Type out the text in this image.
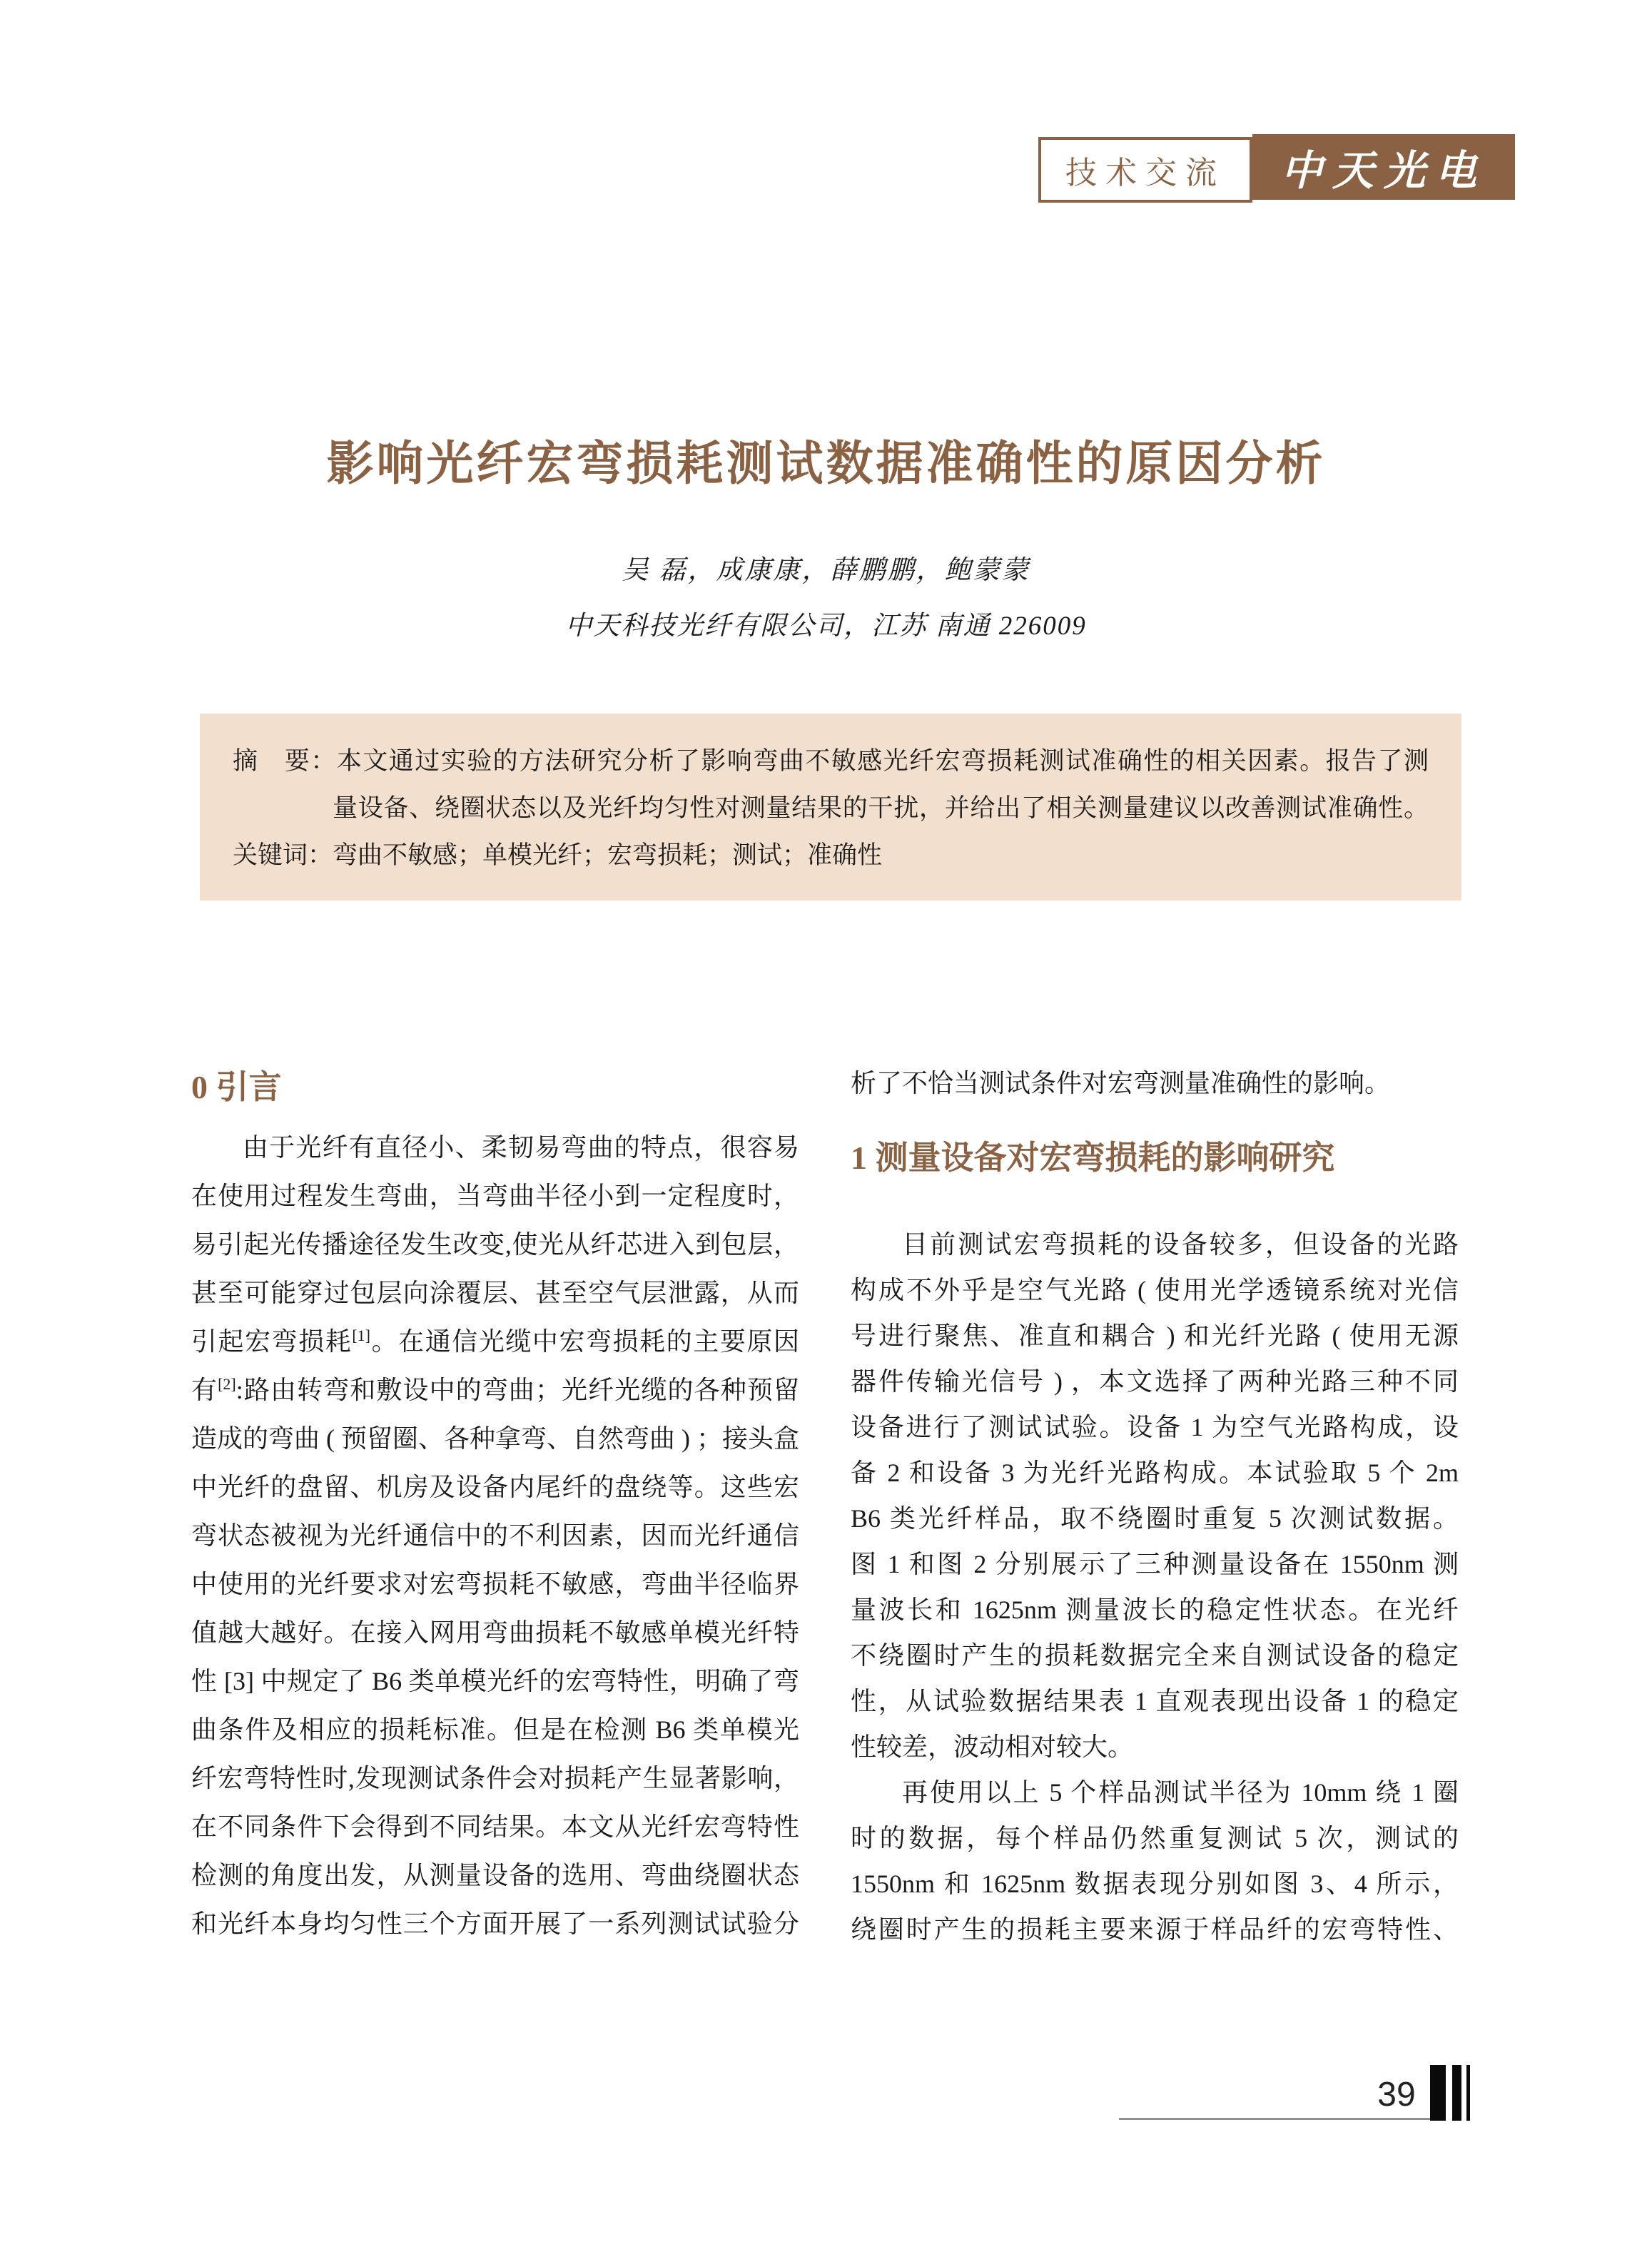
技术交流 中天光电
影响光纤宏弯损耗测试数据准确性的原因分析
吴 磊，成康康，薛鹏鹏，鲍蒙蒙
中天科技光纤有限公司，江苏 南通 226009
摘　要：本文通过实验的方法研究分析了影响弯曲不敏感光纤宏弯损耗测试准确性的相关因素。报告了测
量设备、绕圈状态以及光纤均匀性对测量结果的干扰，并给出了相关测量建议以改善测试准确性。
关键词：弯曲不敏感；单模光纤；宏弯损耗；测试；准确性
0 引言
由于光纤有直径小、柔韧易弯曲的特点，很容易
在使用过程发生弯曲，当弯曲半径小到一定程度时，
易引起光传播途径发生改变,使光从纤芯进入到包层，
甚至可能穿过包层向涂覆层、甚至空气层泄露，从而
引起宏弯损耗[1]。在通信光缆中宏弯损耗的主要原因
有[2]:路由转弯和敷设中的弯曲；光纤光缆的各种预留
造成的弯曲 ( 预留圈、各种拿弯、自然弯曲 ) ；接头盒
中光纤的盘留、机房及设备内尾纤的盘绕等。这些宏
弯状态被视为光纤通信中的不利因素，因而光纤通信
中使用的光纤要求对宏弯损耗不敏感，弯曲半径临界
值越大越好。在接入网用弯曲损耗不敏感单模光纤特
性 [3] 中规定了 B6 类单模光纤的宏弯特性，明确了弯
曲条件及相应的损耗标准。但是在检测 B6 类单模光
纤宏弯特性时,发现测试条件会对损耗产生显著影响，
在不同条件下会得到不同结果。本文从光纤宏弯特性
检测的角度出发，从测量设备的选用、弯曲绕圈状态
和光纤本身均匀性三个方面开展了一系列测试试验分
析了不恰当测试条件对宏弯测量准确性的影响。
1 测量设备对宏弯损耗的影响研究
目前测试宏弯损耗的设备较多，但设备的光路
构成不外乎是空气光路 ( 使用光学透镜系统对光信
号进行聚焦、准直和耦合 ) 和光纤光路 ( 使用无源
器件传输光信号 ) ，本文选择了两种光路三种不同
设备进行了测试试验。设备 1 为空气光路构成，设
备 2 和设备 3 为光纤光路构成。本试验取 5 个 2m
B6 类光纤样品，取不绕圈时重复 5 次测试数据。
图 1 和图 2 分别展示了三种测量设备在 1550nm 测
量波长和 1625nm 测量波长的稳定性状态。在光纤
不绕圈时产生的损耗数据完全来自测试设备的稳定
性，从试验数据结果表 1 直观表现出设备 1 的稳定
性较差，波动相对较大。
再使用以上 5 个样品测试半径为 10mm 绕 1 圈
时的数据，每个样品仍然重复测试 5 次，测试的
1550nm 和 1625nm 数据表现分别如图 3、4 所示，
绕圈时产生的损耗主要来源于样品纤的宏弯特性、
39
